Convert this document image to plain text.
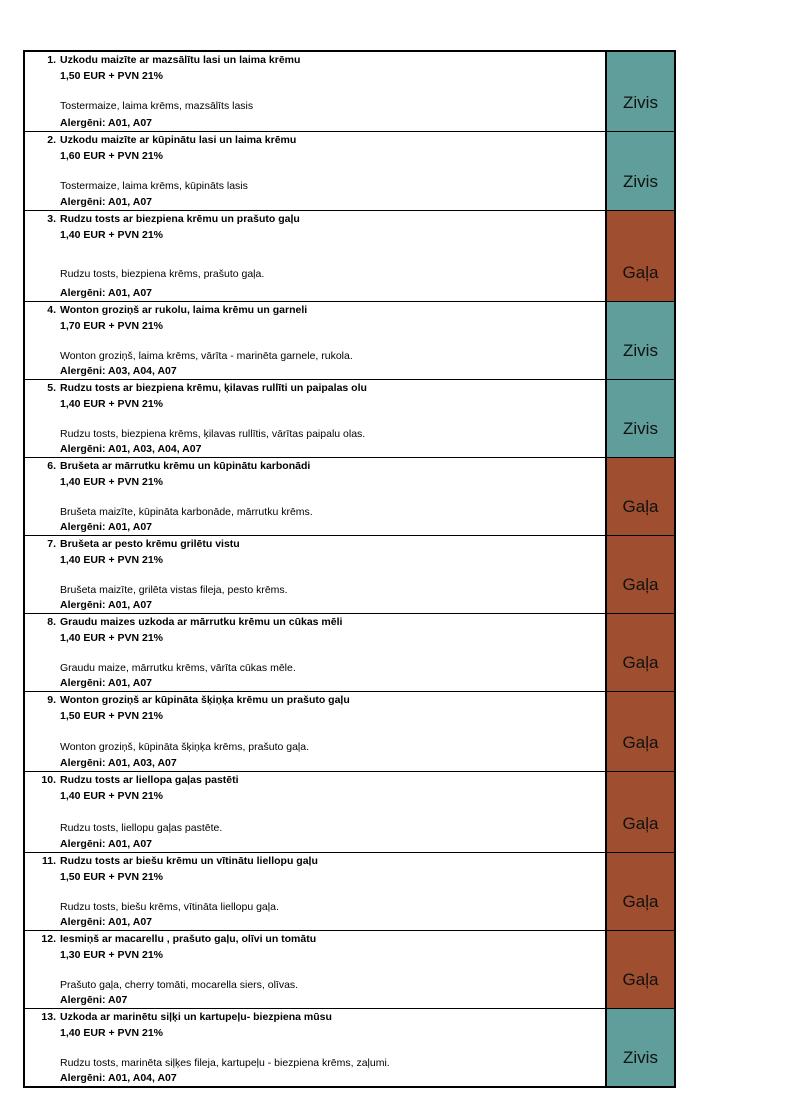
1. Uzkodu maizīte ar mazsālītu lasi un laima krēmu
1,50 EUR + PVN 21%
Tostermaize, laima krēms, mazsālīts lasis
Alergēni: A01, A07
Zivis
2. Uzkodu maizīte ar kūpinātu lasi un laima krēmu
1,60 EUR + PVN 21%
Tostermaize, laima krēms, kūpināts lasis
Alergēni: A01, A07
Zivis
3. Rudzu tosts ar biezpiena krēmu un prašuto gaļu
1,40 EUR + PVN 21%
Rudzu tosts, biezpiena krēms, prašuto gaļa.
Alergēni: A01, A07
Gaļa
4. Wonton groziņš ar rukolu, laima krēmu un garneli
1,70 EUR + PVN 21%
Wonton groziņš, laima krēms, vārīta - marinēta garnele, rukola.
Alergēni: A03, A04, A07
Zivis
5. Rudzu tosts ar biezpiena krēmu, ķilavas rullīti un paipalas olu
1,40 EUR + PVN 21%
Rudzu tosts, biezpiena krēms, ķilavas rullītis, vārītas paipalu olas.
Alergēni: A01, A03, A04, A07
Zivis
6. Brušeta ar mārrutku krēmu un kūpinātu karbonādi
1,40 EUR + PVN 21%
Brušeta maizīte, kūpināta karbonāde, mārrutku krēms.
Alergēni: A01, A07
Gaļa
7. Brušeta ar pesto krēmu grilētu vistu
1,40 EUR + PVN 21%
Brušeta maizīte, grilēta vistas fileja, pesto krēms.
Alergēni: A01, A07
Gaļa
8. Graudu maizes uzkoda ar mārrutku krēmu un cūkas mēli
1,40 EUR + PVN 21%
Graudu maize, mārrutku krēms, vārīta cūkas mēle.
Alergēni: A01, A07
Gaļa
9. Wonton groziņš ar kūpināta šķiņķa krēmu un prašuto gaļu
1,50 EUR + PVN 21%
Wonton groziņš, kūpināta šķiņķa krēms, prašuto gaļa.
Alergēni: A01, A03, A07
Gaļa
10. Rudzu tosts ar liellopa gaļas pastēti
1,40 EUR + PVN 21%
Rudzu tosts, liellopu gaļas pastēte.
Alergēni: A01, A07
Gaļa
11. Rudzu tosts ar biešu krēmu un vītinātu liellopu gaļu
1,50 EUR + PVN 21%
Rudzu tosts, biešu krēms, vītināta liellopu gaļa.
Alergēni: A01, A07
Gaļa
12. Iesmiņš ar macarellu , prašuto gaļu, olīvi un tomātu
1,30 EUR + PVN 21%
Prašuto gaļa, cherry tomāti, mocarella siers, olīvas.
Alergēni: A07
Gaļa
13. Uzkoda ar marinētu siļķi un kartupeļu- biezpiena mūsu
1,40 EUR + PVN 21%
Rudzu tosts, marinēta siļķes fileja, kartupeļu - biezpiena krēms, zaļumi.
Alergēni: A01, A04, A07
Zivis
